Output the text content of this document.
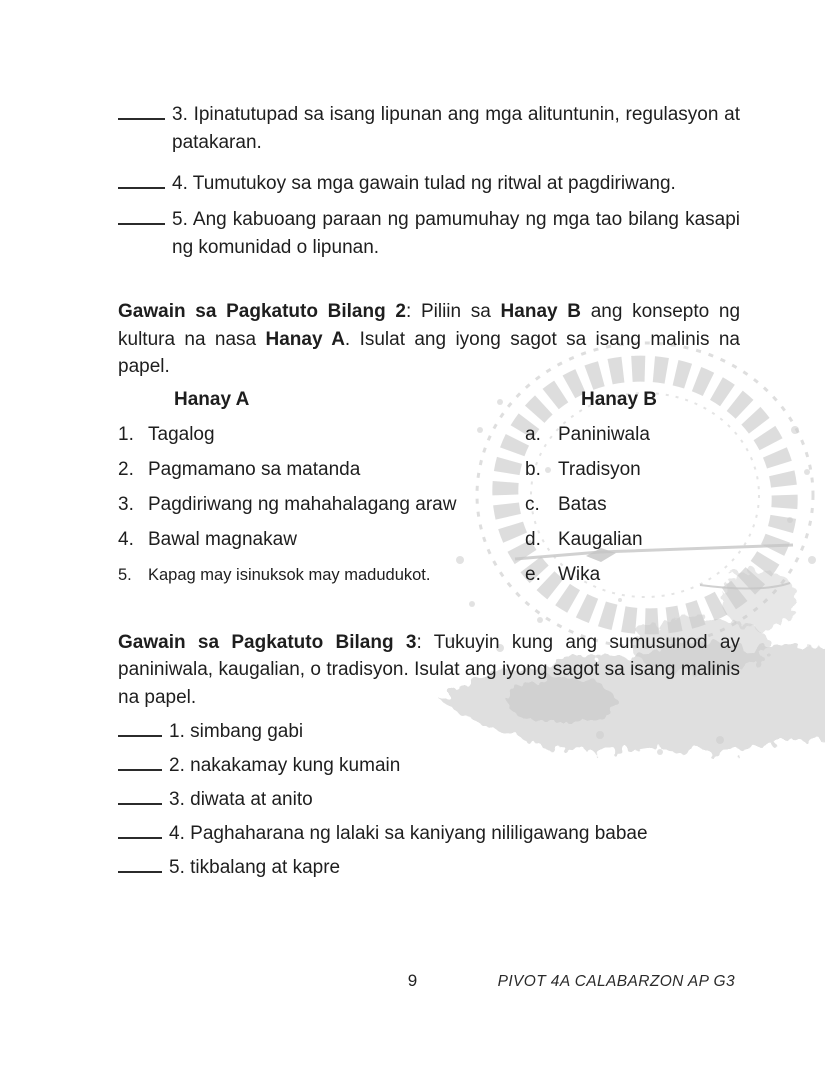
3. Ipinatutupad sa isang lipunan ang mga alituntunin, regulasyon at patakaran.
4. Tumutukoy sa mga gawain tulad ng ritwal at pagdiriwang.
5. Ang kabuoang paraan ng pamumuhay ng mga tao bilang kasapi ng komunidad o lipunan.

Gawain sa Pagkatuto Bilang 2: Piliin sa Hanay B ang konsepto ng kultura na nasa Hanay A. Isulat ang iyong sagot sa isang malinis na papel.

Hanay A	Hanay B
1. Tagalog	a. Paniniwala
2. Pagmamano sa matanda	b. Tradisyon
3. Pagdiriwang ng mahahalagang araw	c. Batas
4. Bawal magnakaw	d. Kaugalian
5. Kapag may isinuksok may madudukot.	e. Wika

Gawain sa Pagkatuto Bilang 3: Tukuyin kung ang sumusunod ay paniniwala, kaugalian, o tradisyon. Isulat ang iyong sagot sa isang malinis na papel.

1. simbang gabi
2. nakakamay kung kumain
3. diwata at anito
4. Paghaharana ng lalaki sa kaniyang nililigawang babae
5. tikbalang at kapre
9	PIVOT 4A CALABARZON AP G3
